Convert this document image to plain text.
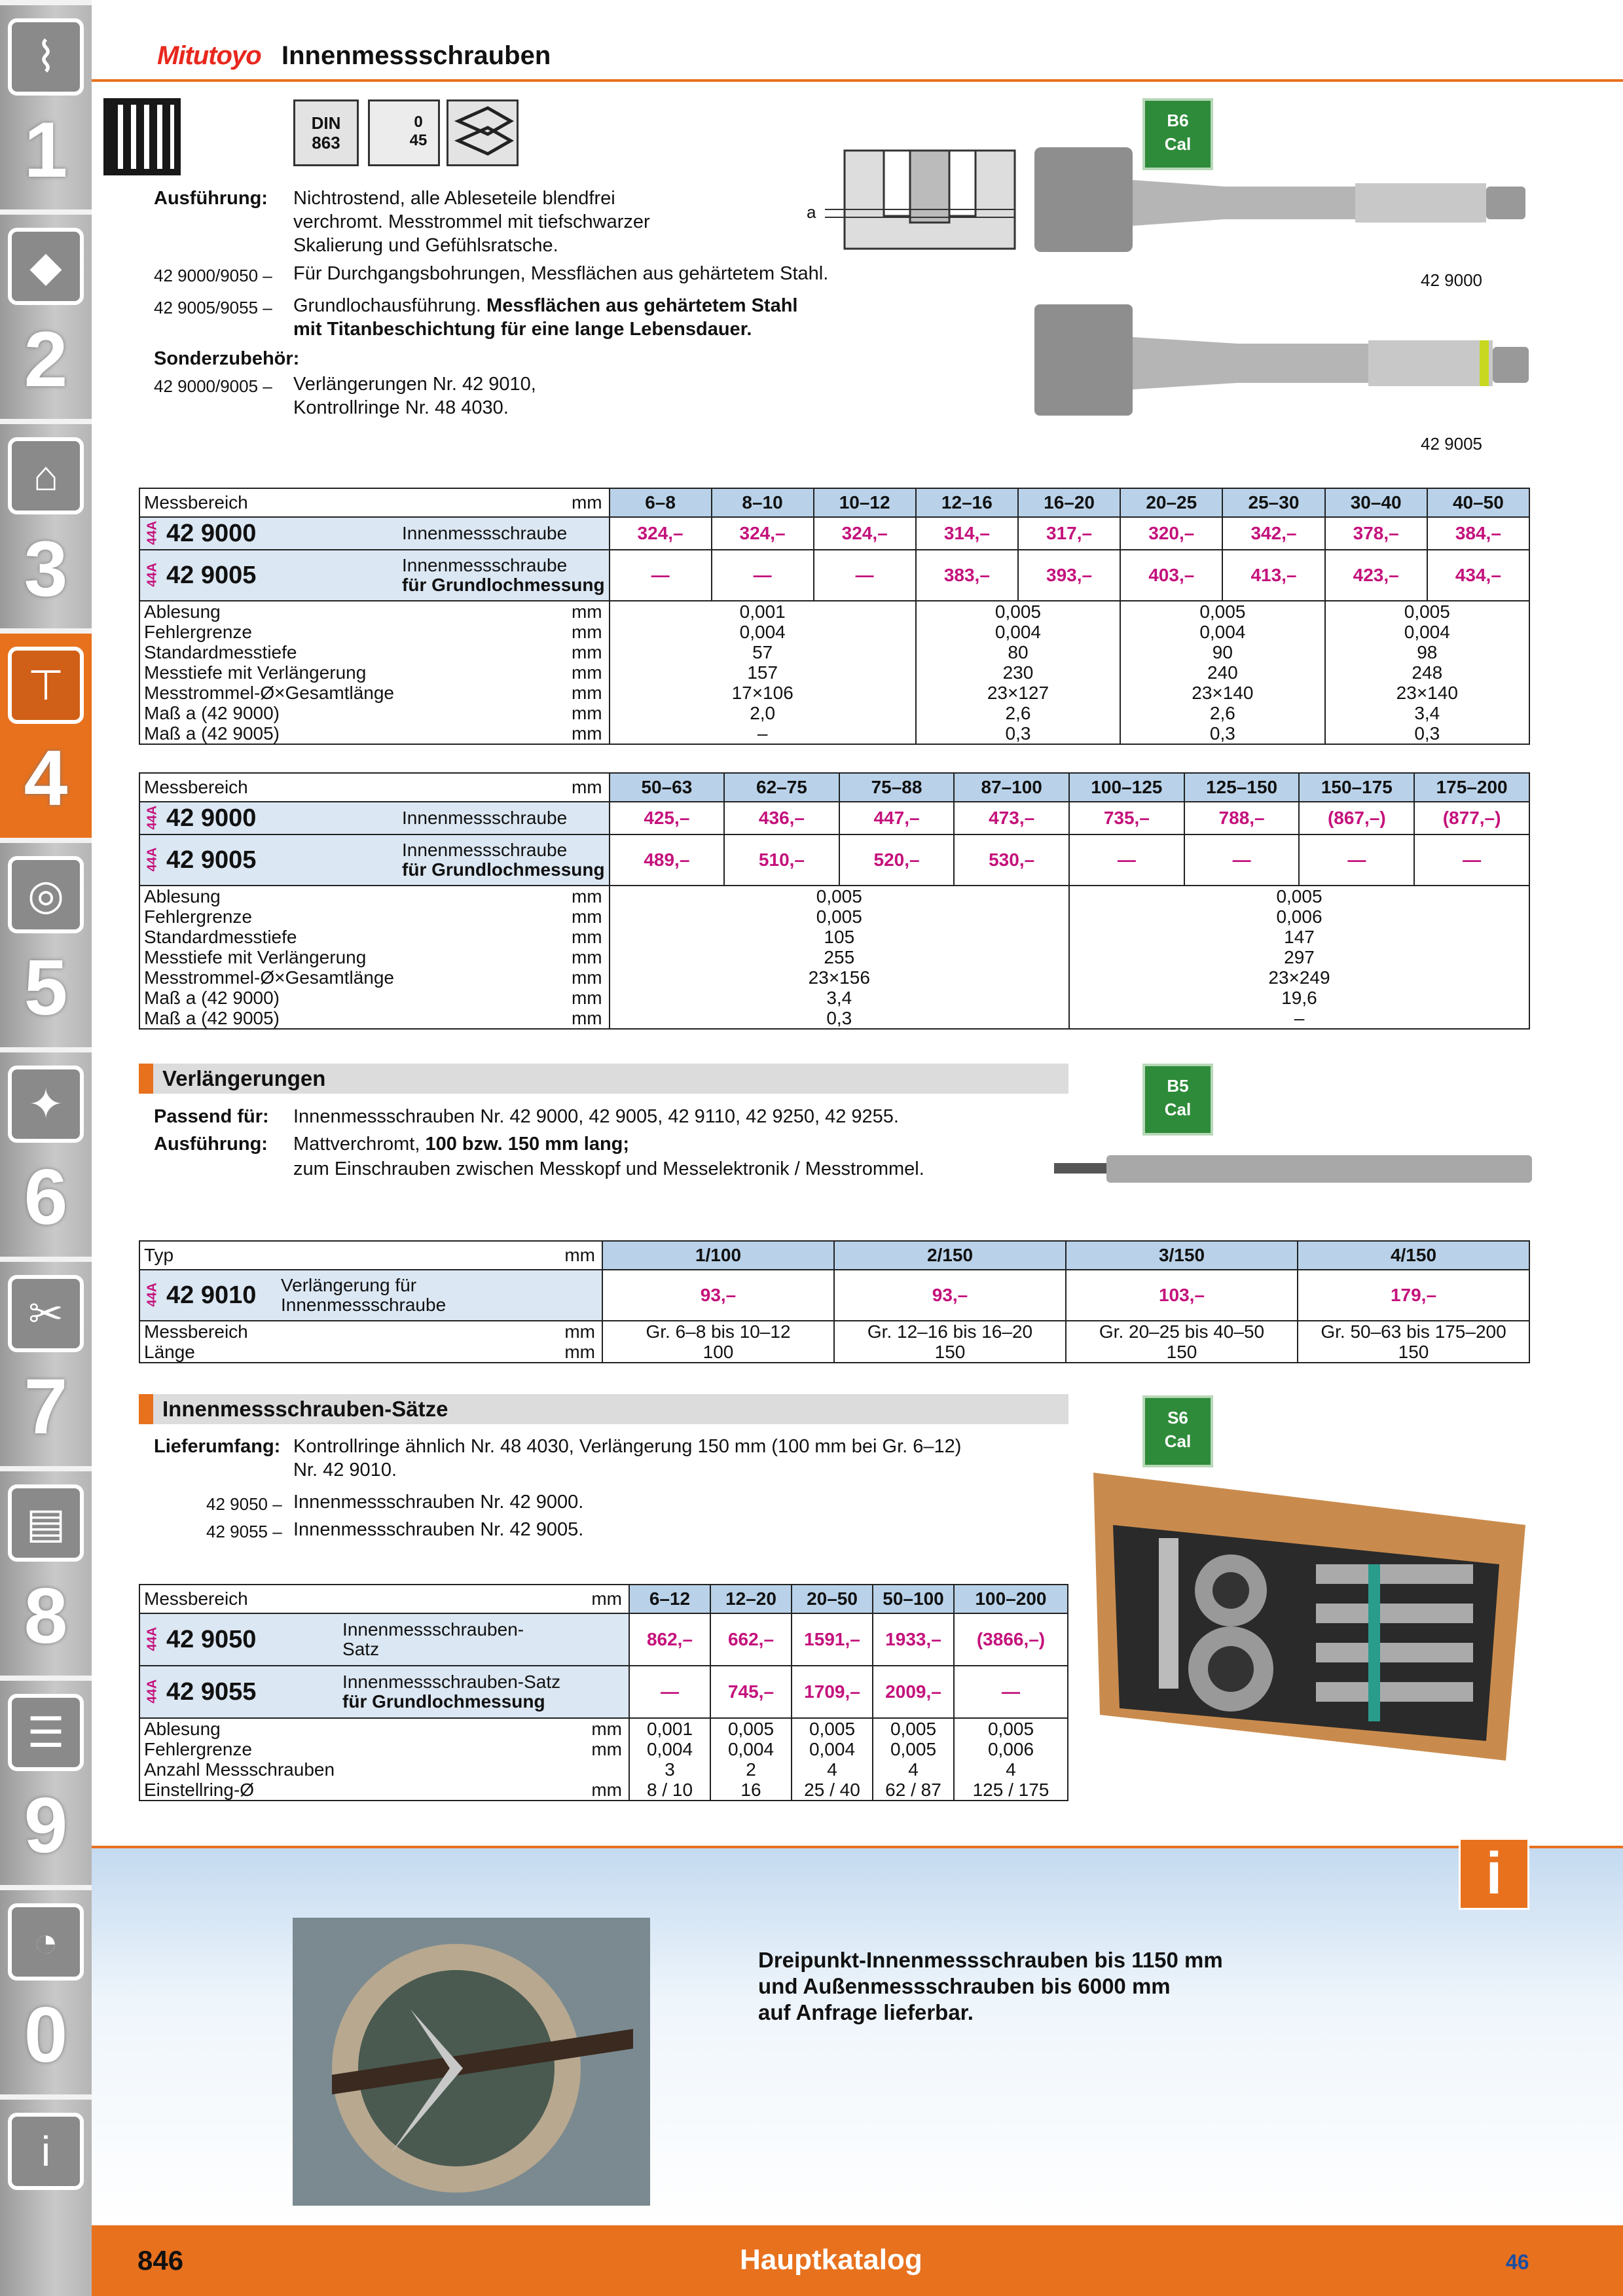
⌇
1
◆
2
⌂
3
⊤
4
◎
5
✦
6
✂
7
▤
8
☰
9
◔
0
i
Mitutoyo Innenmessschrauben
DIN
863
0
45
Ausführung: Nichtrostend, alle Ableseteile blendfrei
verchromt. Messtrommel mit tiefschwarzer
Skalierung und Gefühlsratsche.
42 9000/9050 – Für Durchgangsbohrungen, Messflächen aus gehärtetem Stahl.
42 9005/9055 – Grundlochausführung. Messflächen aus gehärtetem Stahl
mit Titanbeschichtung für eine lange Lebensdauer.
Sonderzubehör:
42 9000/9005 – Verlängerungen Nr. 42 9010,
Kontrollringe Nr. 48 4030.
a
42 9000
42 9005
B6
Cal
Messbereich	mm	6–8	8–10	10–12	12–16	16–20	20–25	25–30	30–40	40–50
44A 42 9000	Innenmessschraube	324,–	324,–	324,–	314,–	317,–	320,–	342,–	378,–	384,–
44A 42 9005	Innenmessschraube
für Grundlochmessung	—	—	—	383,–	393,–	403,–	413,–	423,–	434,–
Ablesung	mm	0,001			0,005		0,005		0,005	
Fehlergrenze	mm	0,004			0,004		0,004		0,004	
Standardmesstiefe	mm	57			80		90		98	
Messtiefe mit Verlängerung	mm	157			230		240		248	
Messtrommel-Ø×Gesamtlänge	mm	17×106			23×127		23×140		23×140	
Maß a (42 9000)	mm	2,0			2,6		2,6		3,4	
Maß a (42 9005)	mm	–			0,3		0,3		0,3	
Messbereich	mm	50–63	62–75	75–88	87–100	100–125	125–150	150–175	175–200
44A 42 9000	Innenmessschraube	425,–	436,–	447,–	473,–	735,–	788,–	(867,–)	(877,–)
44A 42 9005	Innenmessschraube
für Grundlochmessung	489,–	510,–	520,–	530,–	—	—	—	—
Ablesung	mm	0,005				0,005			
Fehlergrenze	mm	0,005				0,006			
Standardmesstiefe	mm	105				147			
Messtiefe mit Verlängerung	mm	255				297			
Messtrommel-Ø×Gesamtlänge	mm	23×156				23×249			
Maß a (42 9000)	mm	3,4				19,6			
Maß a (42 9005)	mm	0,3				–			
Verlängerungen	B5
Cal
Passend für: Innenmessschrauben Nr. 42 9000, 42 9005, 42 9110, 42 9250, 42 9255.
Ausführung: Mattverchromt, 100 bzw. 150 mm lang;
zum Einschrauben zwischen Messkopf und Messelektronik / Messtrommel.
Typ	mm	1/100	2/150	3/150	4/150
44A 42 9010	Verlängerung für
Innenmessschraube	93,–	93,–	103,–	179,–
Messbereich	mm	Gr. 6–8 bis 10–12	Gr. 12–16 bis 16–20	Gr. 20–25 bis 40–50	Gr. 50–63 bis 175–200
Länge	mm	100	150	150	150
Innenmessschrauben-Sätze	S6
Cal
Lieferumfang: Kontrollringe ähnlich Nr. 48 4030, Verlängerung 150 mm (100 mm bei Gr. 6–12)
Nr. 42 9010.
42 9050 – Innenmessschrauben Nr. 42 9000.
42 9055 – Innenmessschrauben Nr. 42 9005.
Messbereich	mm	6–12	12–20	20–50	50–100	100–200
44A 42 9050	Innenmessschrauben-
Satz	862,–	662,–	1591,–	1933,–	(3866,–)
44A 42 9055	Innenmessschrauben-Satz
für Grundlochmessung	—	745,–	1709,–	2009,–	—
Ablesung	mm	0,001	0,005	0,005	0,005	0,005
Fehlergrenze	mm	0,004	0,004	0,004	0,005	0,006
Anzahl Messschrauben		3	2	4	4	4
Einstellring-Ø	mm	8 / 10	16	25 / 40	62 / 87	125 / 175
i
Dreipunkt-Innenmessschrauben bis 1150 mm
und Außenmessschrauben bis 6000 mm
auf Anfrage lieferbar.
846	Hauptkatalog	46
